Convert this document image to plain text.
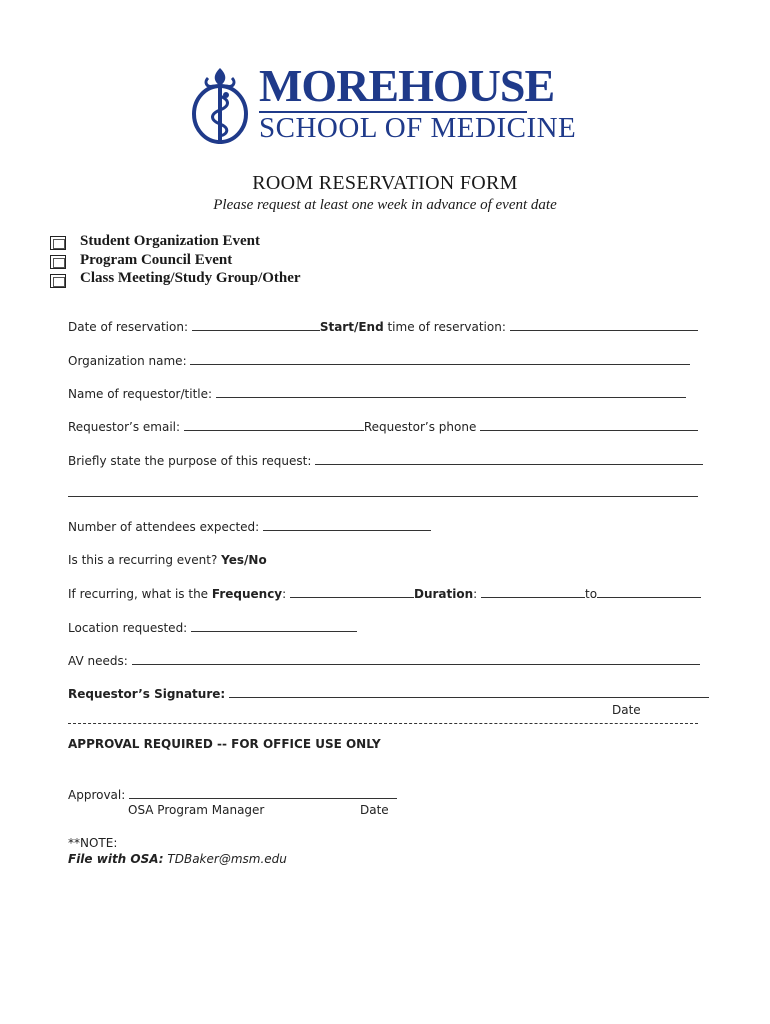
MOREHOUSE
SCHOOL OF MEDICINE
ROOM RESERVATION FORM
Please request at least one week in advance of event date
Student Organization Event
Program Council Event
Class Meeting/Study Group/Other
Date of reservation:	Start/End time of reservation:
Organization name:
Name of requestor/title:
Requestor’s email:	Requestor’s phone
Briefly state the purpose of this request:
Number of attendees expected:
Is this a recurring event? Yes/No
If recurring, what is the Frequency:	Duration:	to
Location requested:
AV needs:
Requestor’s Signature:
Date
APPROVAL REQUIRED -- FOR OFFICE USE ONLY
Approval:
OSA Program Manager	Date
**NOTE:
File with OSA: TDBaker@msm.edu
